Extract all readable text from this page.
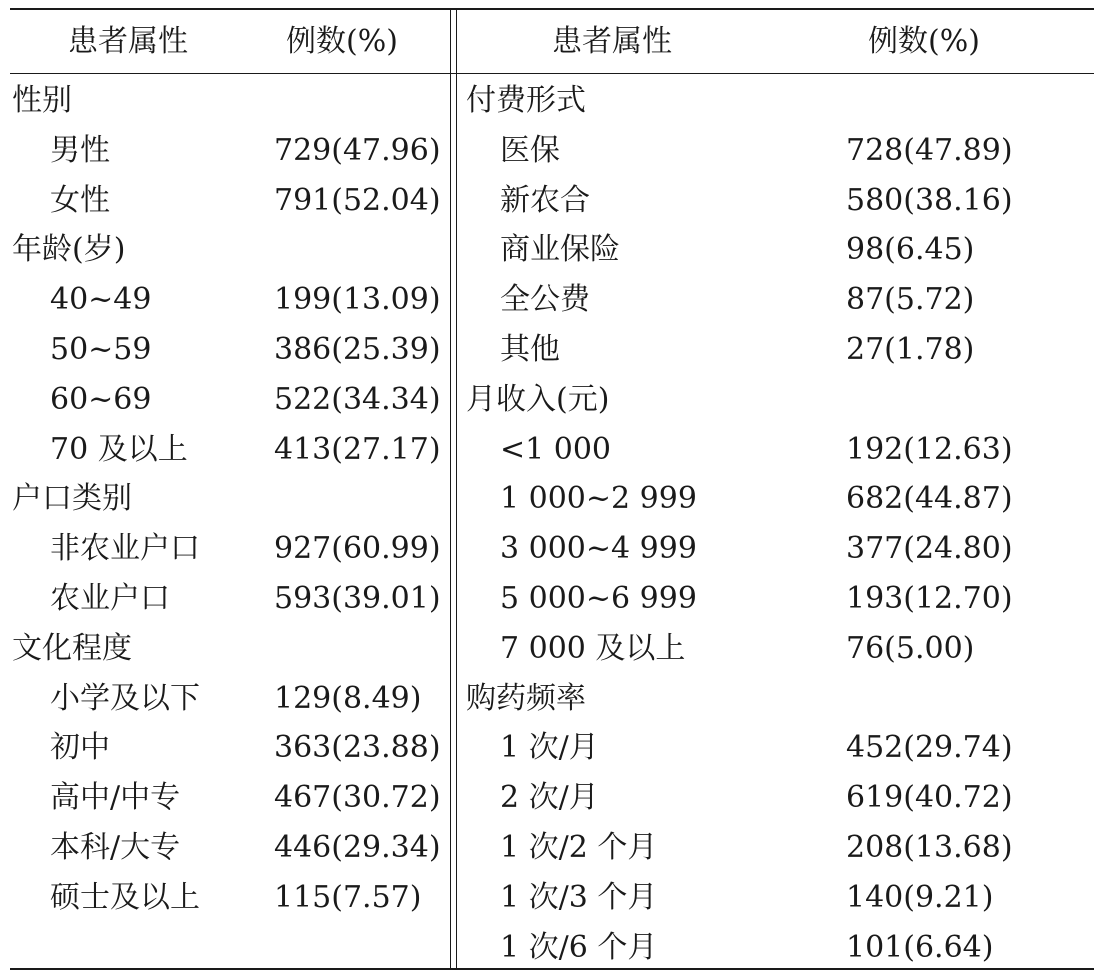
患者属性	例数(%)
性别
男性	729(47.96)
女性	791(52.04)
年龄(岁)
40~49	199(13.09)
50~59	386(25.39)
60~69	522(34.34)
70 及以上	413(27.17)
户口类别
非农业户口 927(60.99)
农业户口	593(39.01)
文化程度
小学及以下 129(8.49)
初中	363(23.88)
高中/中专	467(30.72)
本科/大专	446(29.34)
硕士及以上 115(7.57)
患者属性	例数(%)
付费形式
医保	728(47.89)
新农合	580(38.16)
商业保险	98(6.45)
全公费	87(5.72)
其他	27(1.78)
月收入(元)
<1 000	192(12.63)
1 000~2 999	682(44.87)
3 000~4 999	377(24.80)
5 000~6 999	193(12.70)
7 000 及以上	76(5.00)
购药频率
1 次/月	452(29.74)
2 次/月	619(40.72)
1 次/2 个月	208(13.68)
1 次/3 个月	140(9.21)
1 次/6 个月	101(6.64)
